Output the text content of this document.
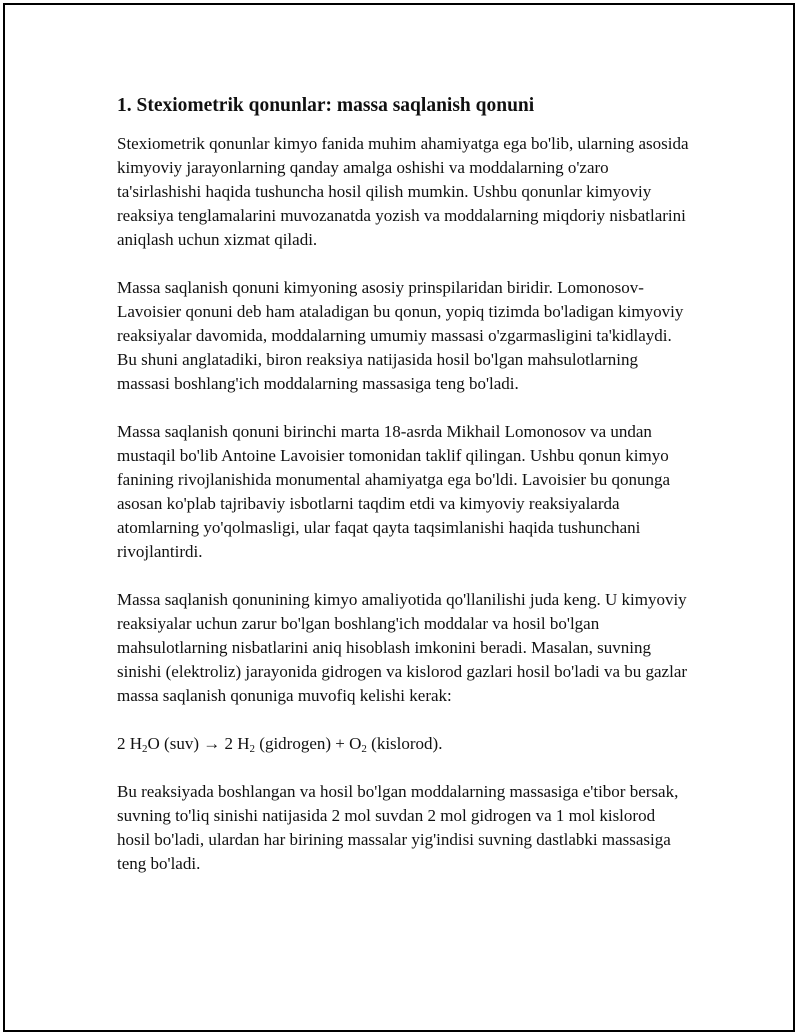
1. Stexiometrik qonunlar: massa saqlanish qonuni

Stexiometrik qonunlar kimyo fanida muhim ahamiyatga ega bo'lib, ularning asosida kimyoviy jarayonlarning qanday amalga oshishi va moddalarning o'zaro ta'sirlashishi haqida tushuncha hosil qilish mumkin. Ushbu qonunlar kimyoviy reaksiya tenglamalarini muvozanatda yozish va moddalarning miqdoriy nisbatlarini aniqlash uchun xizmat qiladi.

Massa saqlanish qonuni kimyoning asosiy prinspilaridan biridir. Lomonosov-Lavoisier qonuni deb ham ataladigan bu qonun, yopiq tizimda bo'ladigan kimyoviy reaksiyalar davomida, moddalarning umumiy massasi o'zgarmasligini ta'kidlaydi. Bu shuni anglatadiki, biron reaksiya natijasida hosil bo'lgan mahsulotlarning massasi boshlang'ich moddalarning massasiga teng bo'ladi.

Massa saqlanish qonuni birinchi marta 18-asrda Mikhail Lomonosov va undan mustaqil bo'lib Antoine Lavoisier tomonidan taklif qilingan. Ushbu qonun kimyo fanining rivojlanishida monumental ahamiyatga ega bo'ldi. Lavoisier bu qonunga asosan ko'plab tajribaviy isbotlarni taqdim etdi va kimyoviy reaksiyalarda atomlarning yo'qolmasligi, ular faqat qayta taqsimlanishi haqida tushunchani rivojlantirdi.

Massa saqlanish qonunining kimyo amaliyotida qo'llanilishi juda keng. U kimyoviy reaksiyalar uchun zarur bo'lgan boshlang'ich moddalar va hosil bo'lgan mahsulotlarning nisbatlarini aniq hisoblash imkonini beradi. Masalan, suvning sinishi (elektroliz) jarayonida gidrogen va kislorod gazlari hosil bo'ladi va bu gazlar massa saqlanish qonuniga muvofiq kelishi kerak:

2 $H_2O$ (suv) → 2 $H_2$ (gidrogen) + $O_2$ (kislorod).

Bu reaksiyada boshlangan va hosil bo'lgan moddalarning massasiga e'tibor bersak, suvning to'liq sinishi natijasida 2 mol suvdan 2 mol gidrogen va 1 mol kislorod hosil bo'ladi, ulardan har birining massalar yig'indisi suvning dastlabki massasiga teng bo'ladi.
